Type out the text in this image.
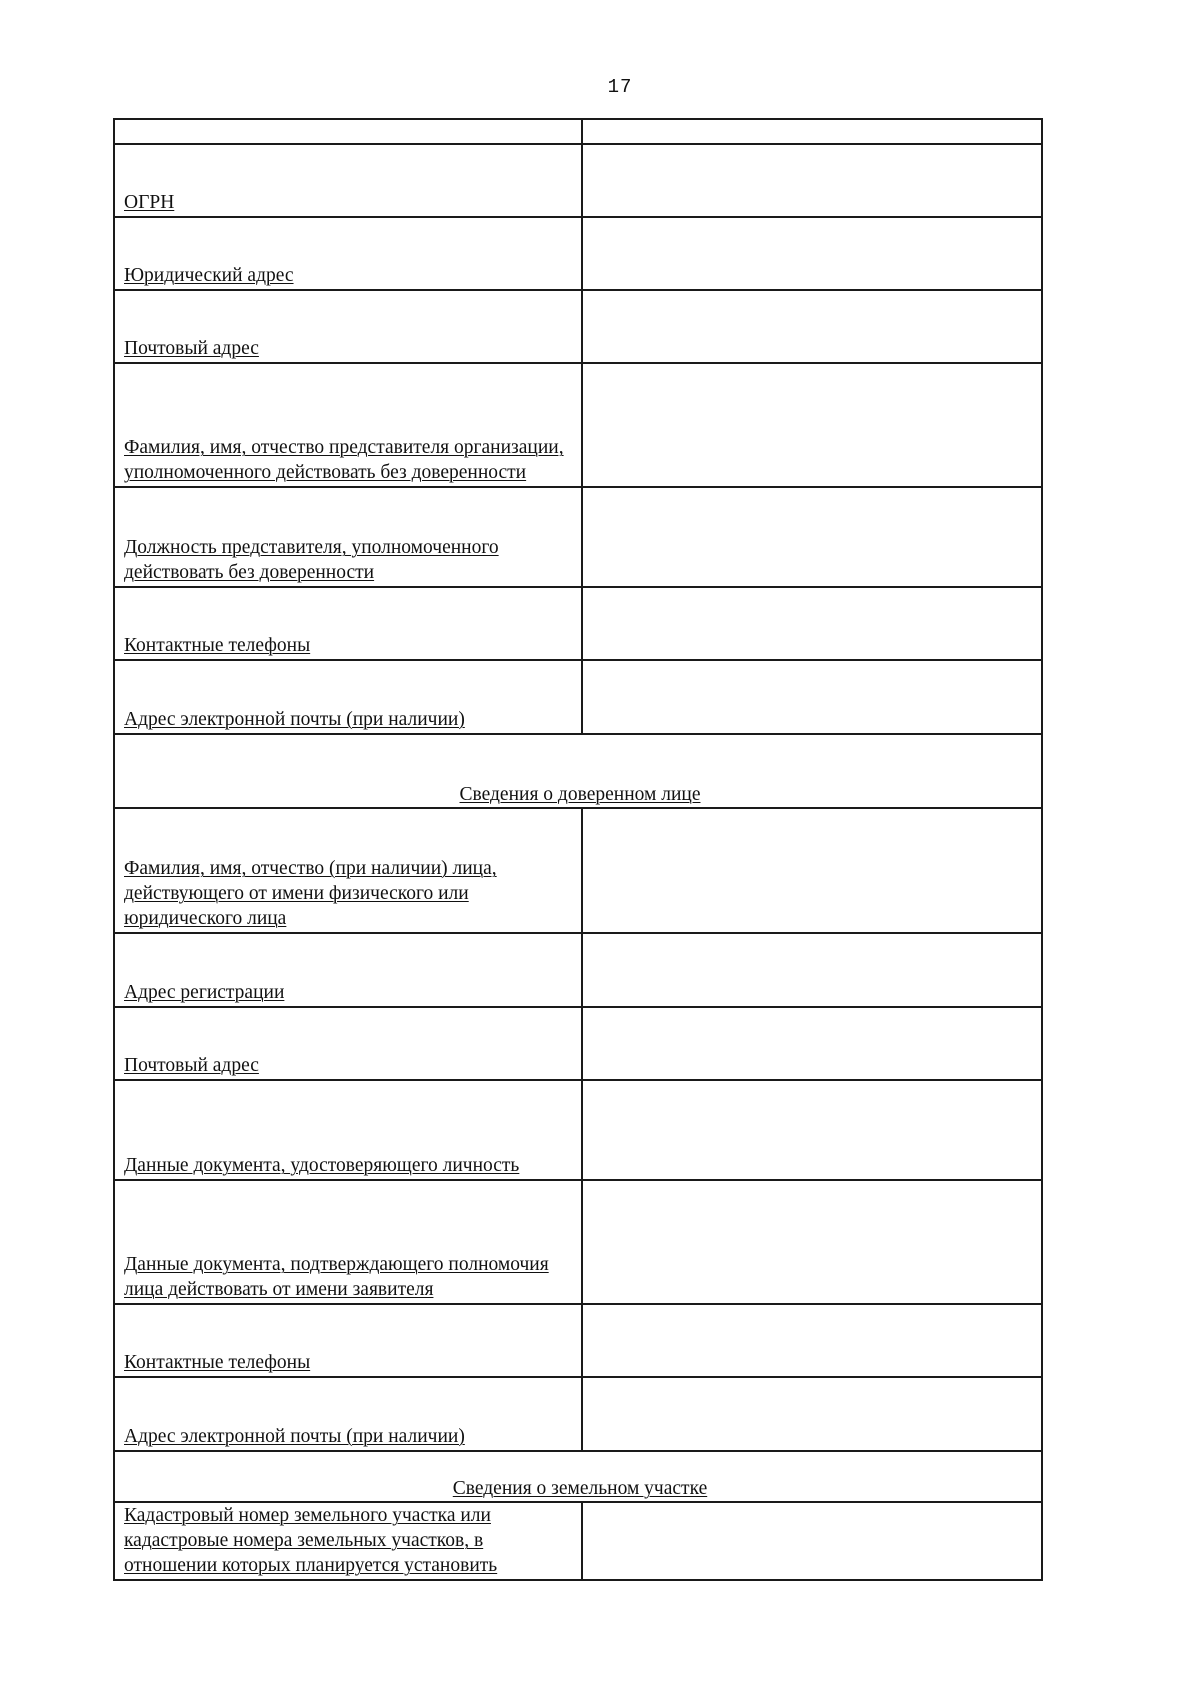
17

ОГРН	
Юридический адрес	
Почтовый адрес	
Фамилия, имя, отчество представителя организации, уполномоченного действовать без доверенности	
Должность представителя, уполномоченного действовать без доверенности	
Контактные телефоны	
Адрес электронной почты (при наличии)	
Сведения о доверенном лице	
Фамилия, имя, отчество (при наличии) лица, действующего от имени физического или юридического лица	
Адрес регистрации	
Почтовый адрес	
Данные документа, удостоверяющего личность	
Данные документа, подтверждающего полномочия лица действовать от имени заявителя	
Контактные телефоны	
Адрес электронной почты (при наличии)	
Сведения о земельном участке	
Кадастровый номер земельного участка или кадастровые номера земельных участков, в отношении которых планируется установить	
